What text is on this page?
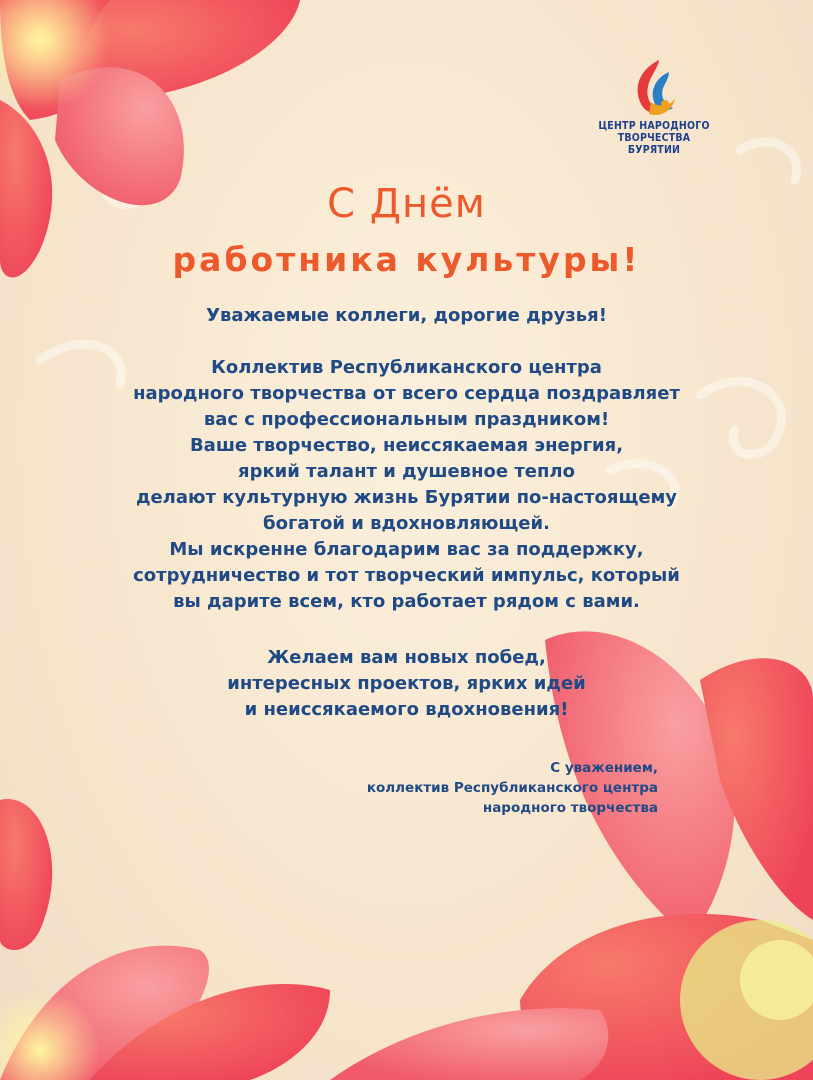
ЦЕНТР НАРОДНОГО
ТВОРЧЕСТВА
БУРЯТИИ
С Днём
работника культуры!
Уважаемые коллеги, дорогие друзья!
Коллектив Республиканского центра
народного творчества от всего сердца поздравляет
вас с профессиональным праздником!
Ваше творчество, неиссякаемая энергия,
яркий талант и душевное тепло
делают культурную жизнь Бурятии по-настоящему
богатой и вдохновляющей.
Мы искренне благодарим вас за поддержку,
сотрудничество и тот творческий импульс, который
вы дарите всем, кто работает рядом с вами.
Желаем вам новых побед,
интересных проектов, ярких идей
и неиссякаемого вдохновения!
С уважением,
коллектив Республиканского центра
народного творчества
